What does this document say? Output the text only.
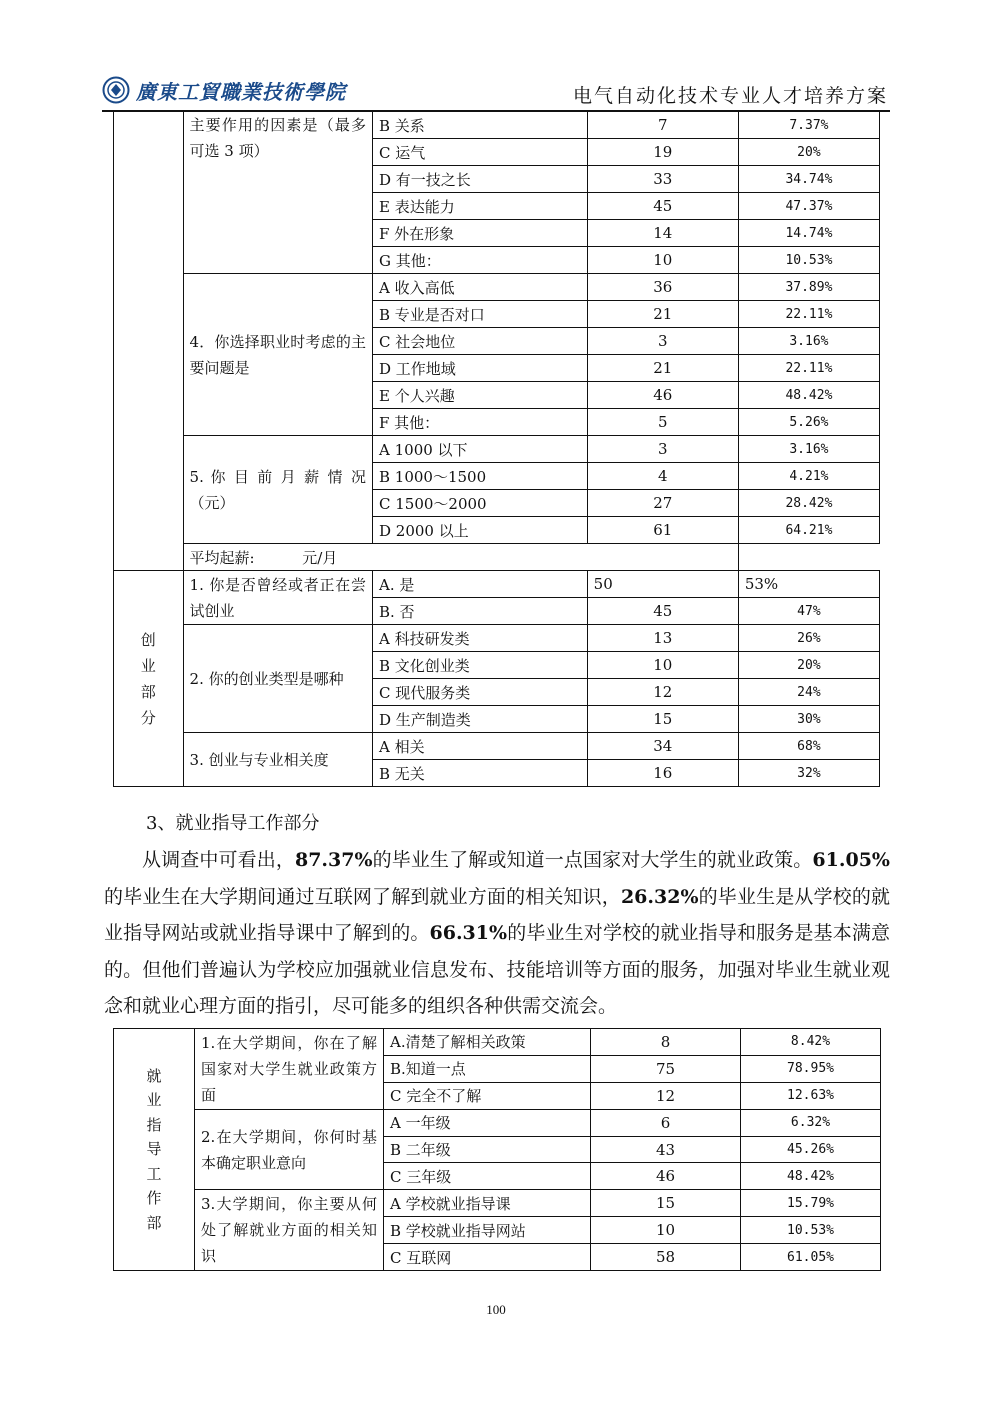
廣東工貿職業技術學院	电气自动化技术专业人才培养方案
	主要作用的因素是（最多可选 3 项）	B 关系	7	7.37%
		C 运气	19	20%
		D 有一技之长	33	34.74%
		E 表达能力	45	47.37%
		F 外在形象	14	14.74%
		G 其他：	10	10.53%
	4．你选择职业时考虑的主要问题是	A 收入高低	36	37.89%
		B 专业是否对口	21	22.11%
		C 社会地位	3	3.16%
		D 工作地域	21	22.11%
		E 个人兴趣	46	48.42%
		F 其他：	5	5.26%
	5. 你 目 前 月 薪 情 况（元）	A 1000 以下	3	3.16%
		B 1000～1500	4	4.21%
		C 1500～2000	27	28.42%
		D 2000 以上	61	64.21%
	平均起薪:          元/月			
创业部分	1. 你是否曾经或者正在尝试创业	A. 是	50	53%
		B. 否	45	47%
	2. 你的创业类型是哪种	A 科技研发类	13	26%
		B 文化创业类	10	20%
		C 现代服务类	12	24%
		D 生产制造类	15	30%
	3. 创业与专业相关度	A 相关	34	68%
		B 无关	16	32%
3、就业指导工作部分
从调查中可看出，87.37%的毕业生了解或知道一点国家对大学生的就业政策。61.05%的毕业生在大学期间通过互联网了解到就业方面的相关知识，26.32%的毕业生是从学校的就业指导网站或就业指导课中了解到的。66.31%的毕业生对学校的就业指导和服务是基本满意的。但他们普遍认为学校应加强就业信息发布、技能培训等方面的服务，加强对毕业生就业观念和就业心理方面的指引，尽可能多的组织各种供需交流会。
就业指导工作部	1.在大学期间，你在了解国家对大学生就业政策方面	A.清楚了解相关政策	8	8.42%
		B.知道一点	75	78.95%
		C 完全不了解	12	12.63%
	2.在大学期间，你何时基本确定职业意向	A 一年级	6	6.32%
		B 二年级	43	45.26%
		C 三年级	46	48.42%
	3.大学期间，你主要从何处了解就业方面的相关知识	A 学校就业指导课	15	15.79%
		B 学校就业指导网站	10	10.53%
		C 互联网	58	61.05%
100
